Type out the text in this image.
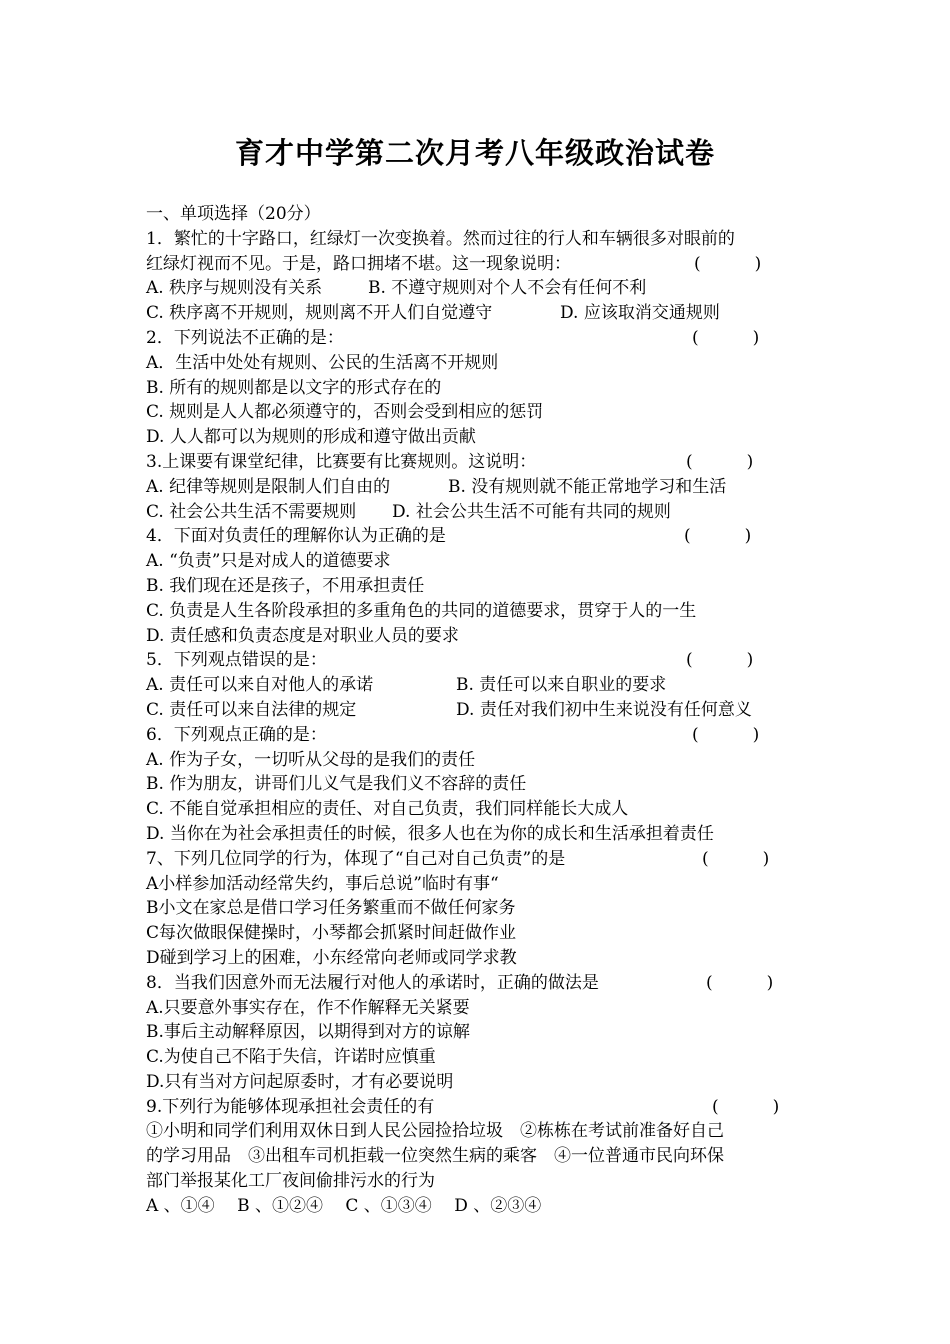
育才中学第二次月考八年级政治试卷
一、单项选择（20分）
1．繁忙的十字路口，红绿灯一次变换着。然而过往的行人和车辆很多对眼前的
红绿灯视而不见。于是，路口拥堵不堪。这一现象说明：	(          )
A. 秩序与规则没有关系	B. 不遵守规则对个人不会有任何不利
C. 秩序离不开规则，规则离不开人们自觉遵守	D. 应该取消交通规则
2．下列说法不正确的是：	(          )
A．生活中处处有规则、公民的生活离不开规则
B. 所有的规则都是以文字的形式存在的
C. 规则是人人都必须遵守的，否则会受到相应的惩罚
D. 人人都可以为规则的形成和遵守做出贡献
3.上课要有课堂纪律，比赛要有比赛规则。这说明：	(          )
A. 纪律等规则是限制人们自由的	B. 没有规则就不能正常地学习和生活
C. 社会公共生活不需要规则 D. 社会公共生活不可能有共同的规则
4．下面对负责任的理解你认为正确的是	(          )
A. “负责”只是对成人的道德要求
B. 我们现在还是孩子，不用承担责任
C. 负责是人生各阶段承担的多重角色的共同的道德要求，贯穿于人的一生
D. 责任感和负责态度是对职业人员的要求
5．下列观点错误的是：	(          )
A. 责任可以来自对他人的承诺	B. 责任可以来自职业的要求
C. 责任可以来自法律的规定	D. 责任对我们初中生来说没有任何意义
6．下列观点正确的是：	(          )
A. 作为子女，一切听从父母的是我们的责任
B. 作为朋友，讲哥们儿义气是我们义不容辞的责任
C. 不能自觉承担相应的责任、对自己负责，我们同样能长大成人
D. 当你在为社会承担责任的时候，很多人也在为你的成长和生活承担着责任
7、下列几位同学的行为，体现了“自己对自己负责”的是	(          )
A小样参加活动经常失约，事后总说”临时有事“
B小文在家总是借口学习任务繁重而不做任何家务
C每次做眼保健操时，小琴都会抓紧时间赶做作业
D碰到学习上的困难，小东经常向老师或同学求教
8．当我们因意外而无法履行对他人的承诺时，正确的做法是	(          )
A.只要意外事实存在，作不作解释无关紧要
B.事后主动解释原因，以期得到对方的谅解
C.为使自己不陷于失信，许诺时应慎重
D.只有当对方问起原委时，才有必要说明
9.下列行为能够体现承担社会责任的有	(          )
①小明和同学们利用双休日到人民公园捡拾垃圾　②栋栋在考试前准备好自己
的学习用品　③出租车司机拒载一位突然生病的乘客　④一位普通市民向环保
部门举报某化工厂夜间偷排污水的行为
A 、①④　 B 、①②④　 C 、①③④　 D 、②③④
